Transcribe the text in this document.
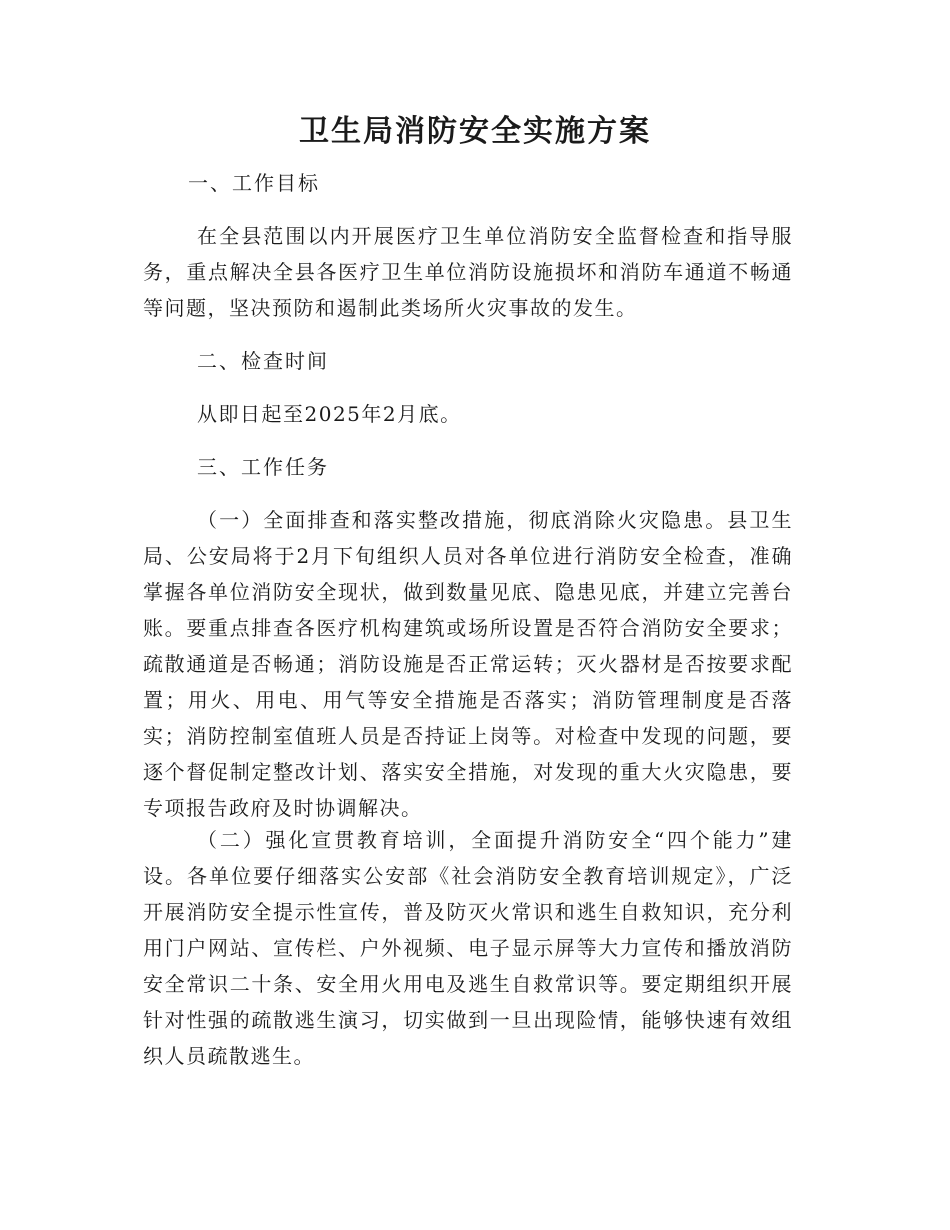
卫生局消防安全实施方案
一、工作目标
在全县范围以内开展医疗卫生单位消防安全监督检查和指导服务，重点解决全县各医疗卫生单位消防设施损坏和消防车通道不畅通等问题，坚决预防和遏制此类场所火灾事故的发生。
二、检查时间
从即日起至2025年2月底。
三、工作任务
（一）全面排查和落实整改措施，彻底消除火灾隐患。县卫生局、公安局将于2月下旬组织人员对各单位进行消防安全检查，准确掌握各单位消防安全现状，做到数量见底、隐患见底，并建立完善台账。要重点排查各医疗机构建筑或场所设置是否符合消防安全要求；疏散通道是否畅通；消防设施是否正常运转；灭火器材是否按要求配置；用火、用电、用气等安全措施是否落实；消防管理制度是否落实；消防控制室值班人员是否持证上岗等。对检查中发现的问题，要逐个督促制定整改计划、落实安全措施，对发现的重大火灾隐患，要专项报告政府及时协调解决。
（二）强化宣贯教育培训，全面提升消防安全“四个能力”建设。各单位要仔细落实公安部《社会消防安全教育培训规定》，广泛开展消防安全提示性宣传，普及防灭火常识和逃生自救知识，充分利用门户网站、宣传栏、户外视频、电子显示屏等大力宣传和播放消防安全常识二十条、安全用火用电及逃生自救常识等。要定期组织开展针对性强的疏散逃生演习，切实做到一旦出现险情，能够快速有效组织人员疏散逃生。
